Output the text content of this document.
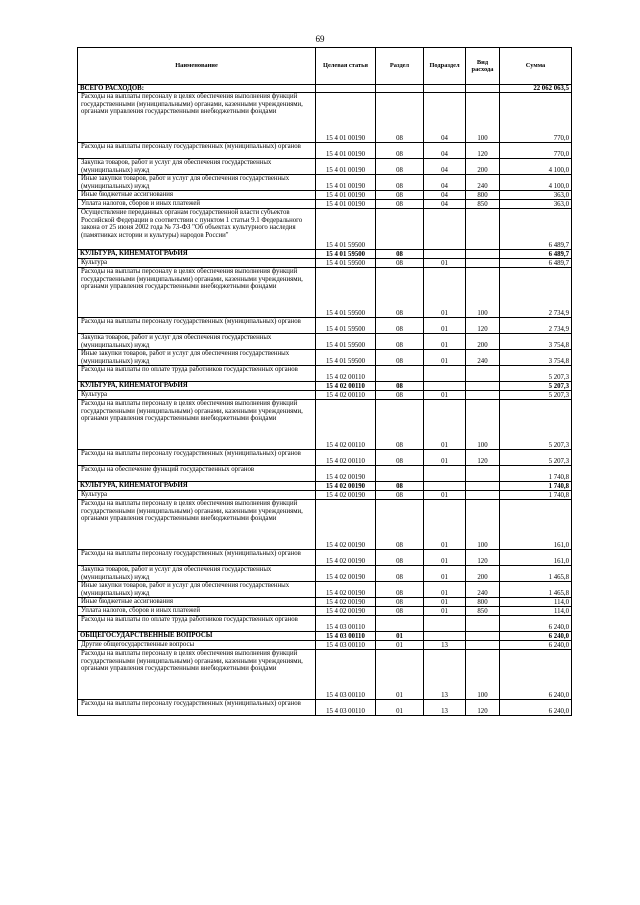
69
Наименование	Целевая статья	Раздел	Подраздел	Вид расхода	Сумма
ВСЕГО РАСХОДОВ:					22 062 063,5
Расходы на выплаты персоналу в целях обеспечения выполнения функций государственными (муниципальными) органами, казенными учреждениями, органами управления государственными внебюджетными фондами	15 4 01 00190	08	04	100	770,0
Расходы на выплаты персоналу государственных (муниципальных) органов	15 4 01 00190	08	04	120	770,0
Закупка товаров, работ и услуг для обеспечения государственных (муниципальных) нужд	15 4 01 00190	08	04	200	4 100,0
Иные закупки товаров, работ и услуг для обеспечения государственных (муниципальных) нужд	15 4 01 00190	08	04	240	4 100,0
Иные бюджетные ассигнования	15 4 01 00190	08	04	800	363,0
Уплата налогов, сборов и иных платежей	15 4 01 00190	08	04	850	363,0
Осуществление переданных органам государственной власти субъектов Российской Федерации в соответствии с пунктом 1 статьи 9.1 Федерального закона от 25 июня 2002 года № 73-ФЗ "Об объектах культурного наследия (памятниках истории и культуры) народов России"	15 4 01 59500				6 489,7
КУЛЬТУРА, КИНЕМАТОГРАФИЯ	15 4 01 59500	08			6 489,7
Культура	15 4 01 59500	08	01		6 489,7
Расходы на выплаты персоналу в целях обеспечения выполнения функций государственными (муниципальными) органами, казенными учреждениями, органами управления государственными внебюджетными фондами	15 4 01 59500	08	01	100	2 734,9
Расходы на выплаты персоналу государственных (муниципальных) органов	15 4 01 59500	08	01	120	2 734,9
Закупка товаров, работ и услуг для обеспечения государственных (муниципальных) нужд	15 4 01 59500	08	01	200	3 754,8
Иные закупки товаров, работ и услуг для обеспечения государственных (муниципальных) нужд	15 4 01 59500	08	01	240	3 754,8
Расходы на выплаты по оплате труда работников государственных органов	15 4 02 00110				5 207,3
КУЛЬТУРА, КИНЕМАТОГРАФИЯ	15 4 02 00110	08			5 207,3
Культура	15 4 02 00110	08	01		5 207,3
Расходы на выплаты персоналу в целях обеспечения выполнения функций государственными (муниципальными) органами, казенными учреждениями, органами управления государственными внебюджетными фондами	15 4 02 00110	08	01	100	5 207,3
Расходы на выплаты персоналу государственных (муниципальных) органов	15 4 02 00110	08	01	120	5 207,3
Расходы на обеспечение функций государственных органов	15 4 02 00190				1 740,8
КУЛЬТУРА, КИНЕМАТОГРАФИЯ	15 4 02 00190	08			1 740,8
Культура	15 4 02 00190	08	01		1 740,8
Расходы на выплаты персоналу в целях обеспечения выполнения функций государственными (муниципальными) органами, казенными учреждениями, органами управления государственными внебюджетными фондами	15 4 02 00190	08	01	100	161,0
Расходы на выплаты персоналу государственных (муниципальных) органов	15 4 02 00190	08	01	120	161,0
Закупка товаров, работ и услуг для обеспечения государственных (муниципальных) нужд	15 4 02 00190	08	01	200	1 465,8
Иные закупки товаров, работ и услуг для обеспечения государственных (муниципальных) нужд	15 4 02 00190	08	01	240	1 465,8
Иные бюджетные ассигнования	15 4 02 00190	08	01	800	114,0
Уплата налогов, сборов и иных платежей	15 4 02 00190	08	01	850	114,0
Расходы на выплаты по оплате труда работников государственных органов	15 4 03 00110				6 240,0
ОБЩЕГОСУДАРСТВЕННЫЕ ВОПРОСЫ	15 4 03 00110	01			6 240,0
Другие общегосударственные вопросы	15 4 03 00110	01	13		6 240,0
Расходы на выплаты персоналу в целях обеспечения выполнения функций государственными (муниципальными) органами, казенными учреждениями, органами управления государственными внебюджетными фондами	15 4 03 00110	01	13	100	6 240,0
Расходы на выплаты персоналу государственных (муниципальных) органов	15 4 03 00110	01	13	120	6 240,0
